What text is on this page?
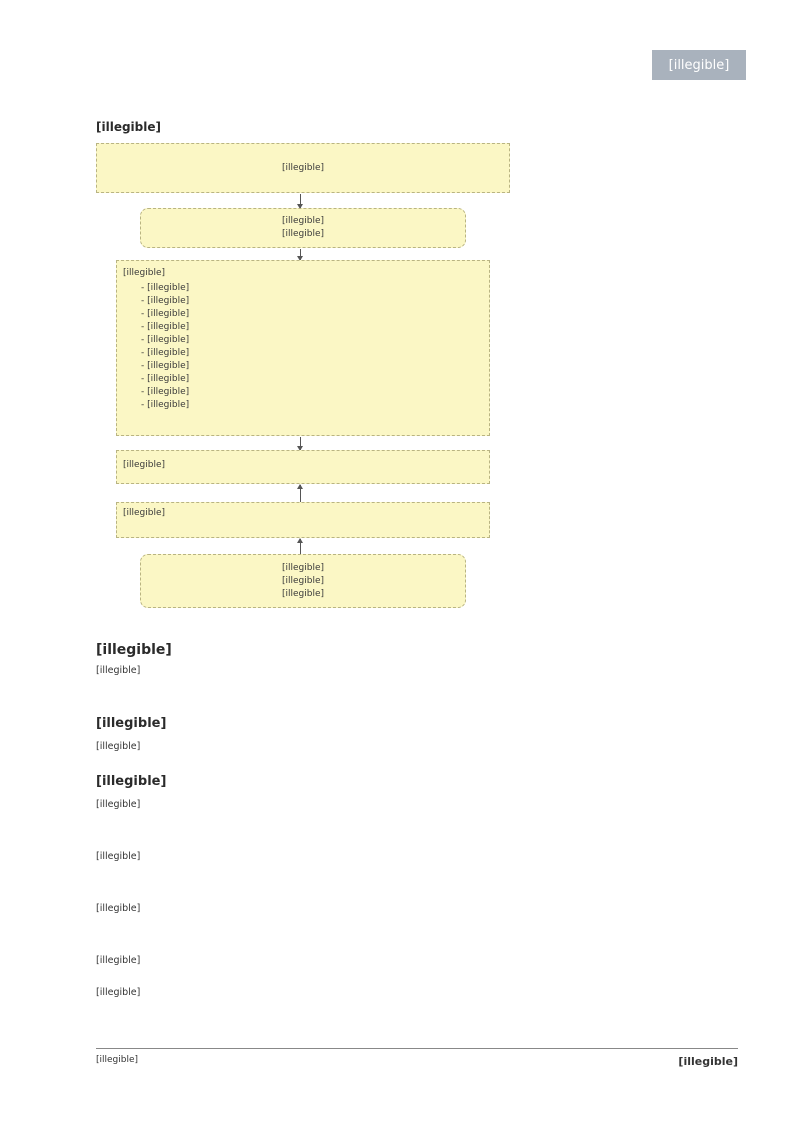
[illegible]
[illegible]
[illegible]
[illegible]
[illegible]
[illegible]
- [illegible]
- [illegible]
- [illegible]
- [illegible]
- [illegible]
- [illegible]
- [illegible]
- [illegible]
- [illegible]
- [illegible]
[illegible]
[illegible]
[illegible]
[illegible]
[illegible]
[illegible]
[illegible]
[illegible]
[illegible]
[illegible]
[illegible]
[illegible]
[illegible]
[illegible]
[illegible]
[illegible]	[illegible]
